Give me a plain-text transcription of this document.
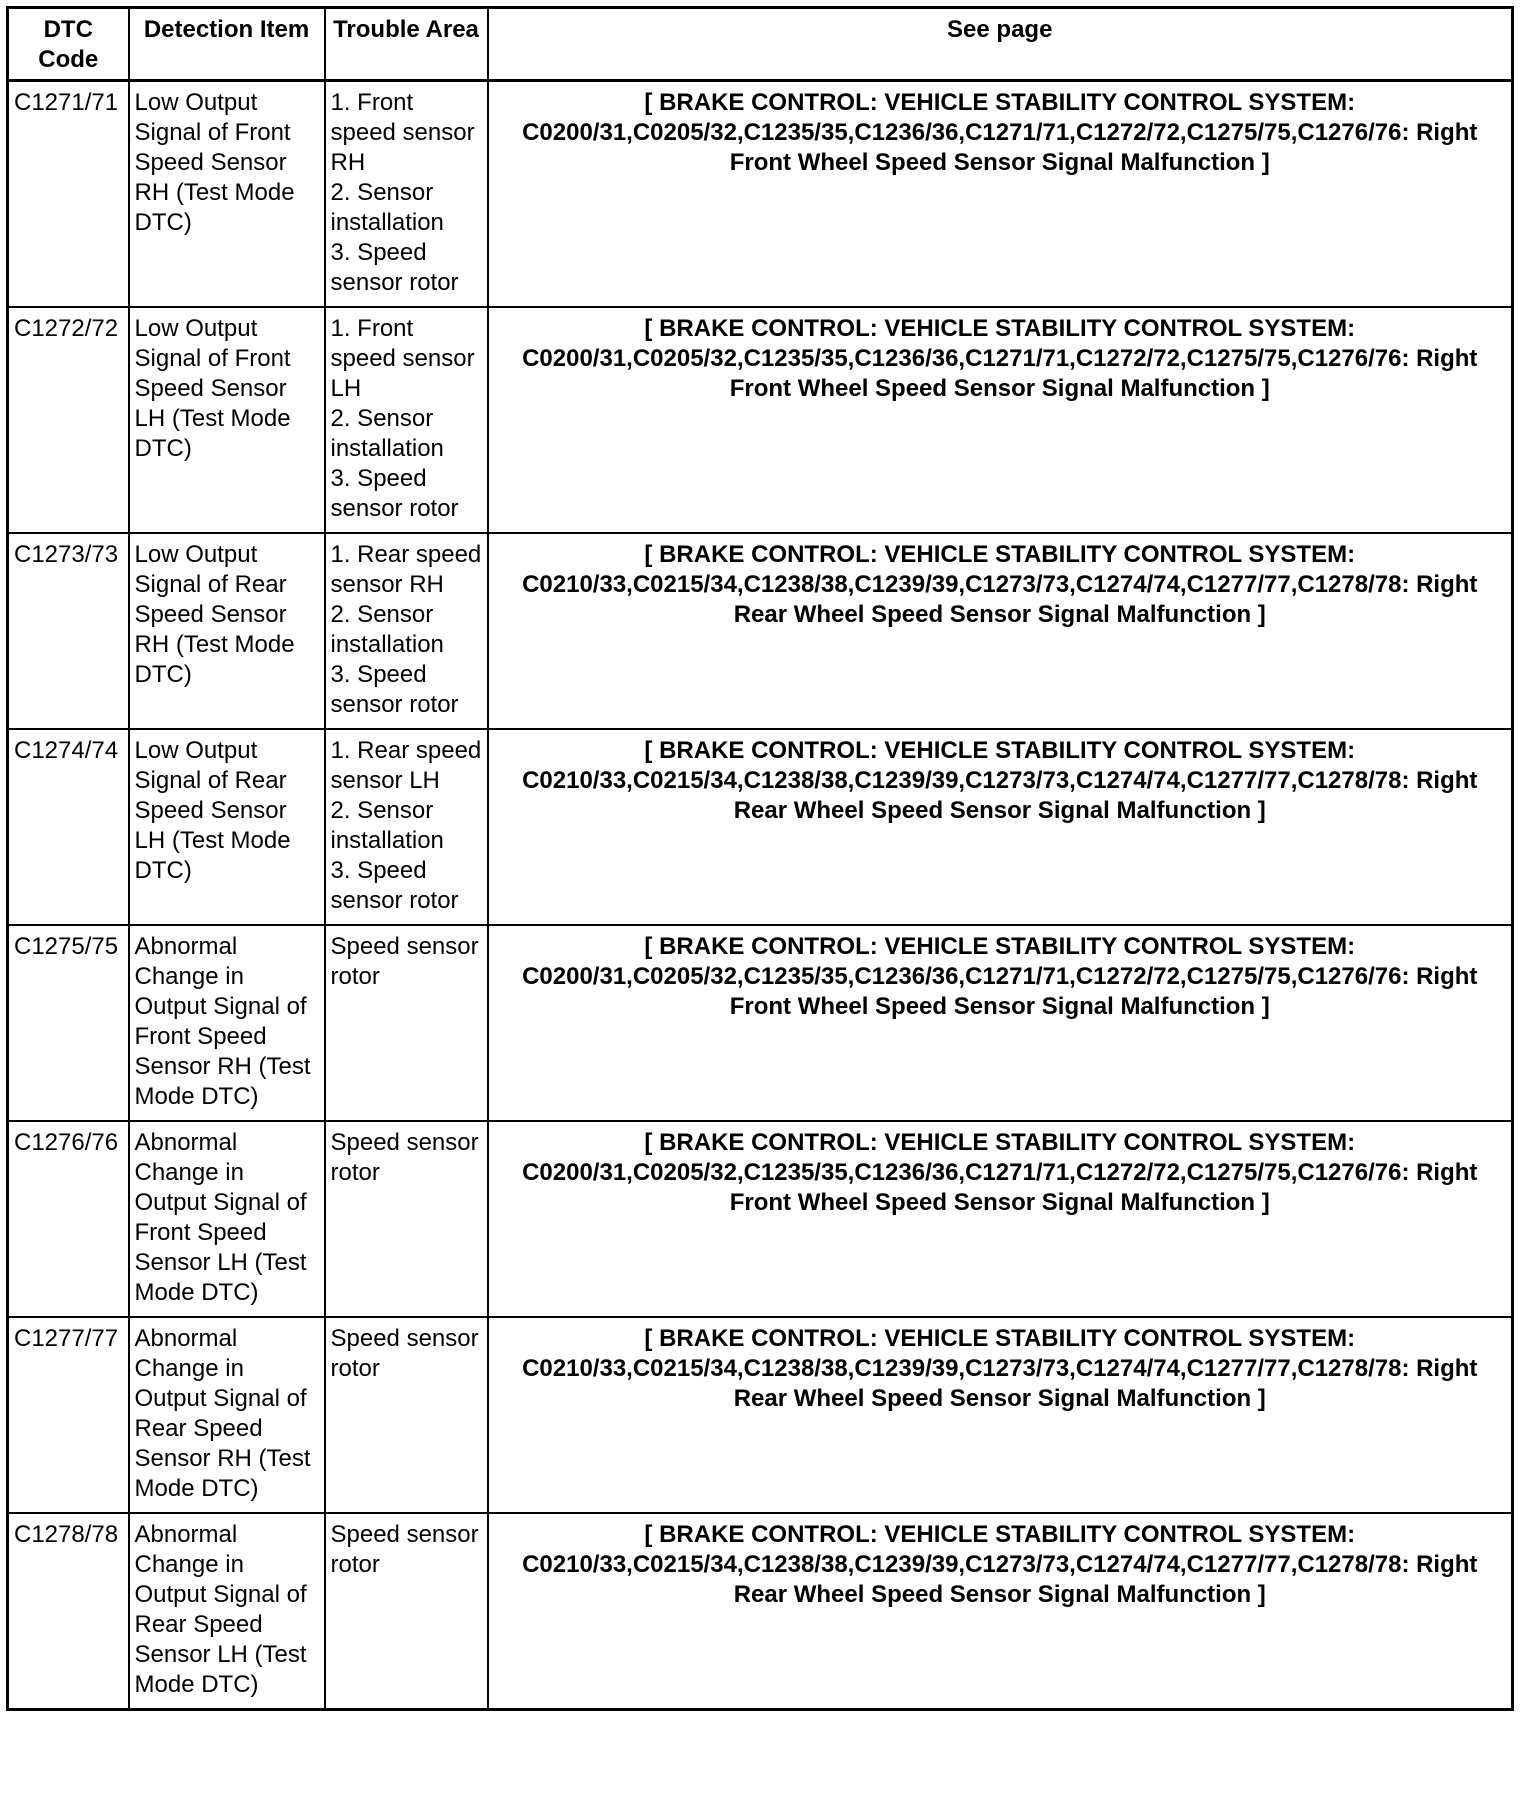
DTC Code	Detection Item	Trouble Area	See page
C1271/71	Low Output Signal of Front Speed Sensor RH (Test Mode DTC)	1. Front speed sensor RH
2. Sensor installation
3. Speed sensor rotor	[ BRAKE CONTROL: VEHICLE STABILITY CONTROL SYSTEM: C0200/31,C0205/32,C1235/35,C1236/36,C1271/71,C1272/72,C1275/75,C1276/76: Right Front Wheel Speed Sensor Signal Malfunction ]
C1272/72	Low Output Signal of Front Speed Sensor LH (Test Mode DTC)	1. Front speed sensor LH
2. Sensor installation
3. Speed sensor rotor	[ BRAKE CONTROL: VEHICLE STABILITY CONTROL SYSTEM: C0200/31,C0205/32,C1235/35,C1236/36,C1271/71,C1272/72,C1275/75,C1276/76: Right Front Wheel Speed Sensor Signal Malfunction ]
C1273/73	Low Output Signal of Rear Speed Sensor RH (Test Mode DTC)	1. Rear speed sensor RH
2. Sensor installation
3. Speed sensor rotor	[ BRAKE CONTROL: VEHICLE STABILITY CONTROL SYSTEM: C0210/33,C0215/34,C1238/38,C1239/39,C1273/73,C1274/74,C1277/77,C1278/78: Right Rear Wheel Speed Sensor Signal Malfunction ]
C1274/74	Low Output Signal of Rear Speed Sensor LH (Test Mode DTC)	1. Rear speed sensor LH
2. Sensor installation
3. Speed sensor rotor	[ BRAKE CONTROL: VEHICLE STABILITY CONTROL SYSTEM: C0210/33,C0215/34,C1238/38,C1239/39,C1273/73,C1274/74,C1277/77,C1278/78: Right Rear Wheel Speed Sensor Signal Malfunction ]
C1275/75	Abnormal Change in Output Signal of Front Speed Sensor RH (Test Mode DTC)	Speed sensor rotor	[ BRAKE CONTROL: VEHICLE STABILITY CONTROL SYSTEM: C0200/31,C0205/32,C1235/35,C1236/36,C1271/71,C1272/72,C1275/75,C1276/76: Right Front Wheel Speed Sensor Signal Malfunction ]
C1276/76	Abnormal Change in Output Signal of Front Speed Sensor LH (Test Mode DTC)	Speed sensor rotor	[ BRAKE CONTROL: VEHICLE STABILITY CONTROL SYSTEM: C0200/31,C0205/32,C1235/35,C1236/36,C1271/71,C1272/72,C1275/75,C1276/76: Right Front Wheel Speed Sensor Signal Malfunction ]
C1277/77	Abnormal Change in Output Signal of Rear Speed Sensor RH (Test Mode DTC)	Speed sensor rotor	[ BRAKE CONTROL: VEHICLE STABILITY CONTROL SYSTEM: C0210/33,C0215/34,C1238/38,C1239/39,C1273/73,C1274/74,C1277/77,C1278/78: Right Rear Wheel Speed Sensor Signal Malfunction ]
C1278/78	Abnormal Change in Output Signal of Rear Speed Sensor LH (Test Mode DTC)	Speed sensor rotor	[ BRAKE CONTROL: VEHICLE STABILITY CONTROL SYSTEM: C0210/33,C0215/34,C1238/38,C1239/39,C1273/73,C1274/74,C1277/77,C1278/78: Right Rear Wheel Speed Sensor Signal Malfunction ]
